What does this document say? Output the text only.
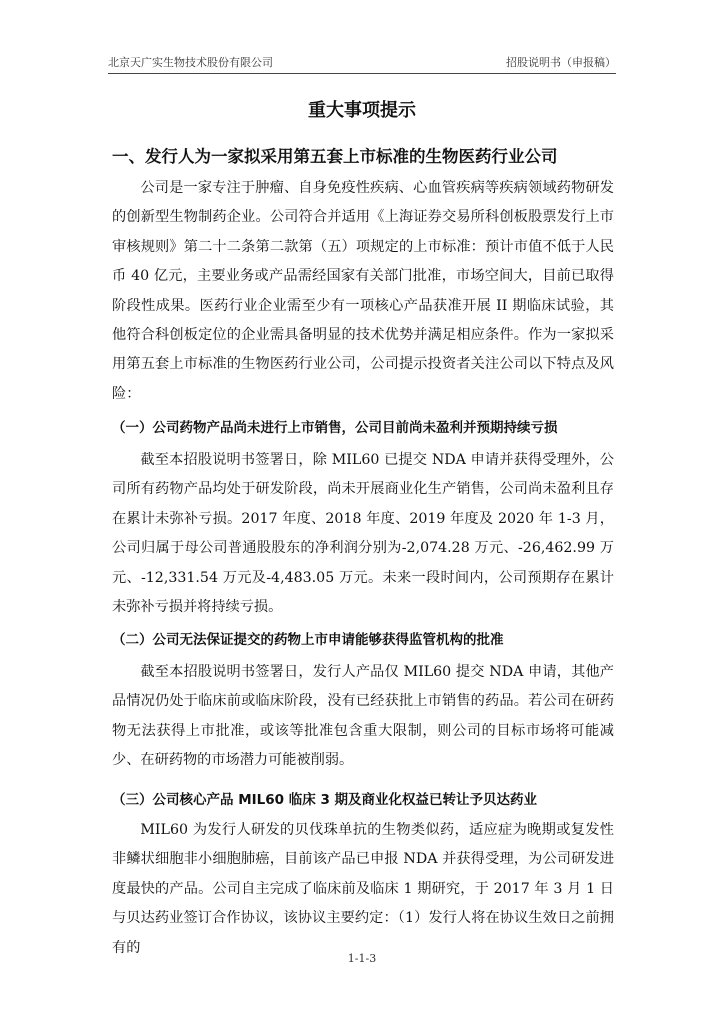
北京天广实生物技术股份有限公司	招股说明书（申报稿）
重大事项提示
一、发行人为一家拟采用第五套上市标准的生物医药行业公司

公司是一家专注于肿瘤、自身免疫性疾病、心血管疾病等疾病领域药物研发的创新型生物制药企业。公司符合并适用《上海证券交易所科创板股票发行上市审核规则》第二十二条第二款第（五）项规定的上市标准：预计市值不低于人民币 40 亿元，主要业务或产品需经国家有关部门批准，市场空间大，目前已取得阶段性成果。医药行业企业需至少有一项核心产品获准开展 II 期临床试验，其他符合科创板定位的企业需具备明显的技术优势并满足相应条件。作为一家拟采用第五套上市标准的生物医药行业公司，公司提示投资者关注公司以下特点及风险：

（一）公司药物产品尚未进行上市销售，公司目前尚未盈利并预期持续亏损

截至本招股说明书签署日，除 MIL60 已提交 NDA 申请并获得受理外，公司所有药物产品均处于研发阶段，尚未开展商业化生产销售，公司尚未盈利且存在累计未弥补亏损。2017 年度、2018 年度、2019 年度及 2020 年 1-3 月，公司归属于母公司普通股股东的净利润分别为-2,074.28 万元、-26,462.99 万元、-12,331.54 万元及-4,483.05 万元。未来一段时间内，公司预期存在累计未弥补亏损并将持续亏损。

（二）公司无法保证提交的药物上市申请能够获得监管机构的批准

截至本招股说明书签署日，发行人产品仅 MIL60 提交 NDA 申请，其他产品情况仍处于临床前或临床阶段，没有已经获批上市销售的药品。若公司在研药物无法获得上市批准，或该等批准包含重大限制，则公司的目标市场将可能减少、在研药物的市场潜力可能被削弱。

（三）公司核心产品 MIL60 临床 3 期及商业化权益已转让予贝达药业

MIL60 为发行人研发的贝伐珠单抗的生物类似药，适应症为晚期或复发性非鳞状细胞非小细胞肺癌，目前该产品已申报 NDA 并获得受理，为公司研发进度最快的产品。公司自主完成了临床前及临床 1 期研究，于 2017 年 3 月 1 日与贝达药业签订合作协议，该协议主要约定：（1）发行人将在协议生效日之前拥有的

1-1-3
